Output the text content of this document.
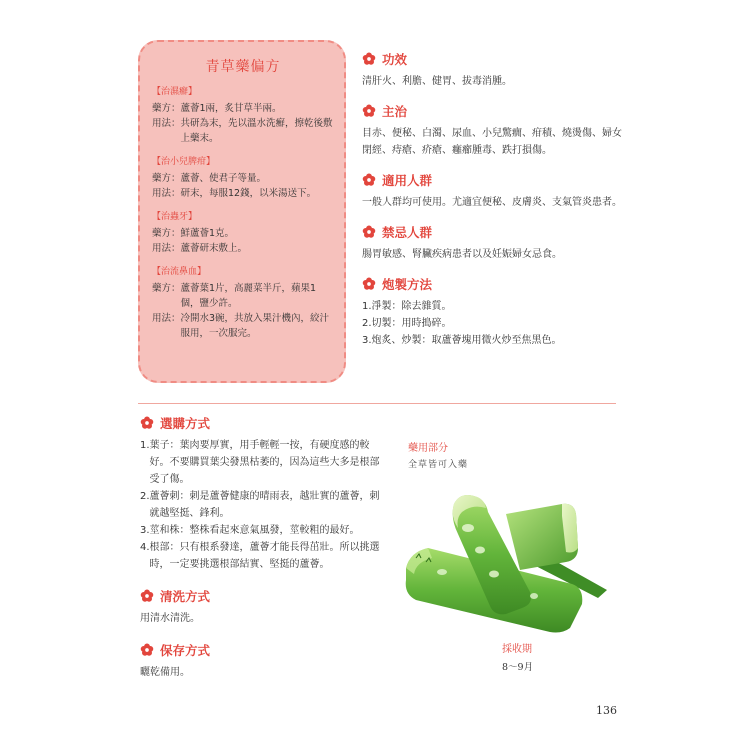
青草藥偏方
【治濕癬】
藥方： 蘆薈1兩，炙甘草半兩。
用法： 共研為末，先以溫水洗癬，擦乾後敷上藥末。
【治小兒脾疳】
藥方： 蘆薈、使君子等量。
用法： 研末，每服12錢，以米湯送下。
【治蟲牙】
藥方： 鮮蘆薈1克。
用法： 蘆薈研末敷上。
【治流鼻血】
藥方： 蘆薈葉1片，高麗菜半斤，蘋果1個，鹽少許。
用法： 冷開水3碗，共放入果汁機內，絞汁服用，一次服完。
功效
清肝火、利膽、健胃、拔毒消腫。
主治
目赤、便秘、白濁、尿血、小兒驚癇、疳積、燒燙傷、婦女閉經、痔瘡、疥瘡、癰癤腫毒、跌打損傷。
適用人群
一般人群均可使用。尤適宜便秘、皮膚炎、支氣管炎患者。
禁忌人群
腸胃敏感、腎臟疾病患者以及妊娠婦女忌食。
炮製方法
1. 淨製：除去雜質。
2. 切製：用時搗碎。
3. 炮炙、炒製：取蘆薈塊用微火炒至焦黑色。
選購方式
1. 葉子：葉肉要厚實，用手輕輕一按，有硬度感的較好。不要購買葉尖發黑枯萎的，因為這些大多是根部受了傷。
2. 蘆薈刺：刺是蘆薈健康的晴雨表，越壯實的蘆薈，刺就越堅挺、鋒利。
3. 莖和株：整株看起來意氣風發，莖較粗的最好。
4. 根部：只有根系發達，蘆薈才能長得茁壯。所以挑選時，一定要挑選根部結實、堅挺的蘆薈。
清洗方式
用清水清洗。
保存方式
曬乾備用。
藥用部分
全草皆可入藥
採收期
8～9月
136
